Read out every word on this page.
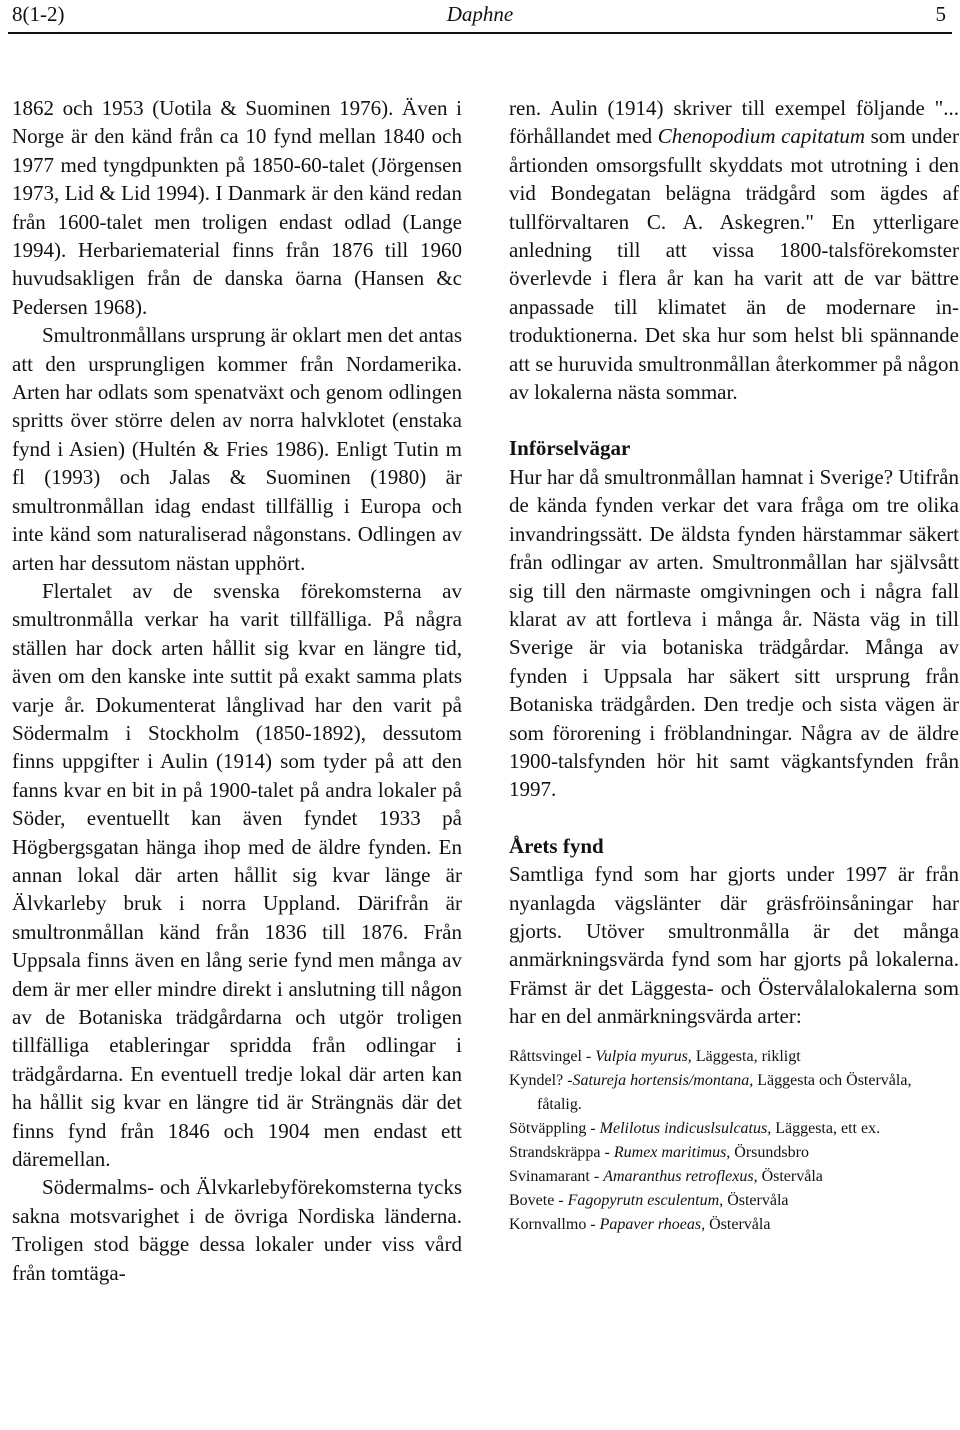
8(1-2)	Daphne	5

1862 och 1953 (Uotila & Suominen 1976). Även i Norge är den känd från ca 10 fynd mellan 1840 och 1977 med tyngdpunkten på 1850-60-talet (Jörgensen 1973, Lid & Lid 1994). I Danmark är den känd redan från 1600-talet men troligen endast odlad (Lange 1994). Herbariematerial finns från 1876 till 1960 huvudsakligen från de danska öarna (Hansen &c Pedersen 1968).

Smultronmållans ursprung är oklart men det antas att den ursprungligen kommer från Nordamerika. Arten har odlats som spenatväxt och genom odlingen spritts över större delen av norra halvklotet (enstaka fynd i Asien) (Hultén & Fries 1986). Enligt Tutin m fl (1993) och Jalas & Suominen (1980) är smultronmållan idag endast tillfällig i Europa och inte känd som naturaliserad någonstans. Odlingen av arten har dessutom nästan upphört.

Flertalet av de svenska förekomsterna av smultronmålla verkar ha varit tillfälliga. På några ställen har dock arten hållit sig kvar en längre tid, även om den kanske inte suttit på exakt samma plats varje år. Dokumenterat långlivad har den varit på Södermalm i Stockholm (1850-1892), dessutom finns uppgifter i Aulin (1914) som tyder på att den fanns kvar en bit in på 1900-talet på andra lokaler på Söder, eventuellt kan även fyndet 1933 på Högbergsgatan hänga ihop med de äldre fynden. En annan lokal där arten hållit sig kvar länge är Älvkarleby bruk i norra Uppland. Därifrån är smultronmållan känd från 1836 till 1876. Från Uppsala finns även en lång serie fynd men många av dem är mer eller mindre direkt i anslutning till någon av de Botaniska trädgårdarna och utgör troligen tillfälliga etableringar spridda från odlingar i trädgårdarna. En eventuell tredje lokal där arten kan ha hållit sig kvar en längre tid är Strängnäs där det finns fynd från 1846 och 1904 men endast ett däremellan.

Södermalms- och Älvkarlebyförekomsterna tycks sakna motsvarighet i de övriga Nordiska länderna. Troligen stod bägge dessa lokaler under viss vård från tomtäga-

ren. Aulin (1914) skriver till exempel följande "... förhållandet med Chenopodium capitatum som under årtionden omsorgsfullt skyddats mot utrotning i den vid Bondegatan belägna trädgård som ägdes af tullförvaltaren C. A. Askegren." En ytterligare anledning till att vissa 1800-talsförekomster överlevde i flera år kan ha varit att de var bättre anpassade till klimatet än de modernare introduktionerna. Det ska hur som helst bli spännande att se huruvida smultronmållan återkommer på någon av lokalerna nästa sommar.

Införselvägar

Hur har då smultronmållan hamnat i Sverige? Utifrån de kända fynden verkar det vara fråga om tre olika invandringssätt. De äldsta fynden härstammar säkert från odlingar av arten. Smultronmållan har självsått sig till den närmaste omgivningen och i några fall klarat av att fortleva i många år. Nästa väg in till Sverige är via botaniska trädgårdar. Många av fynden i Uppsala har säkert sitt ursprung från Botaniska trädgården. Den tredje och sista vägen är som förorening i fröblandningar. Några av de äldre 1900-talsfynden hör hit samt vägkantsfynden från 1997.

Årets fynd

Samtliga fynd som har gjorts under 1997 är från nyanlagda vägslänter där gräsfröinsåningar har gjorts. Utöver smultronmålla är det många anmärkningsvärda fynd som har gjorts på lokalerna. Främst är det Läggesta- och Östervålalokalerna som har en del anmärkningsvärda arter:

Råttsvingel - Vulpia myurus, Läggesta, rikligt
Kyndel? -Satureja hortensis/montana, Läggesta och Östervåla, fåtalig.
Sötväppling - Melilotus indicuslsulcatus, Läggesta, ett ex.
Strandskräppa - Rumex maritimus, Örsundsbro
Svinamarant - Amaranthus retroflexus, Östervåla
Bovete - Fagopyrutn esculentum, Östervåla
Kornvallmo - Papaver rhoeas, Östervåla
